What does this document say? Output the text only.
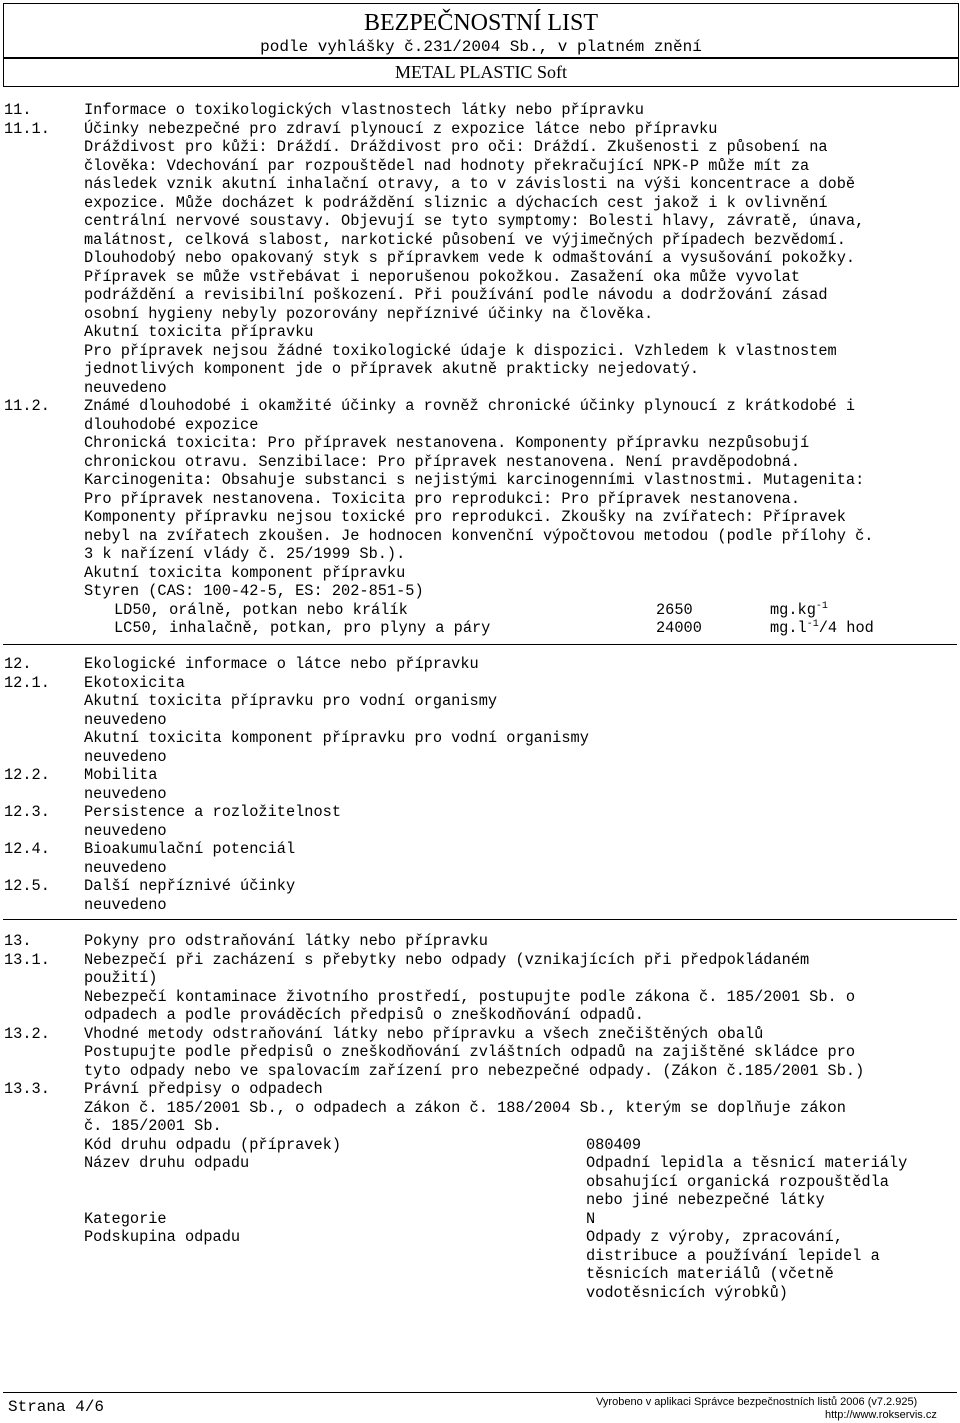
BEZPEČNOSTNÍ LIST
podle vyhlášky č.231/2004 Sb., v platném znění
METAL PLASTIC Soft
11.	Informace o toxikologických vlastnostech látky nebo přípravku
11.1. Účinky nebezpečné pro zdraví plynoucí z expozice látce nebo přípravku
Dráždivost pro kůži: Dráždí. Dráždivost pro oči: Dráždí. Zkušenosti z působení na
člověka: Vdechování par rozpouštědel nad hodnoty překračující NPK-P může mít za
následek vznik akutní inhalační otravy, a to v závislosti na výši koncentrace a době
expozice. Může docházet k podráždění sliznic a dýchacích cest jakož i k ovlivnění
centrální nervové soustavy. Objevují se tyto symptomy: Bolesti hlavy, závratě, únava,
malátnost, celková slabost, narkotické působení ve výjimečných případech bezvědomí.
Dlouhodobý nebo opakovaný styk s přípravkem vede k odmaštování a vysušování pokožky.
Přípravek se může vstřebávat i neporušenou pokožkou. Zasažení oka může vyvolat
podráždění a revisibilní poškození. Při používání podle návodu a dodržování zásad
osobní hygieny nebyly pozorovány nepříznivé účinky na člověka.
Akutní toxicita přípravku
Pro přípravek nejsou žádné toxikologické údaje k dispozici. Vzhledem k vlastnostem
jednotlivých komponent jde o přípravek akutně prakticky nejedovatý.
neuvedeno
11.2. Známé dlouhodobé i okamžité účinky a rovněž chronické účinky plynoucí z krátkodobé i
dlouhodobé expozice
Chronická toxicita: Pro přípravek nestanovena. Komponenty přípravku nezpůsobují
chronickou otravu. Senzibilace: Pro přípravek nestanovena. Není pravděpodobná.
Karcinogenita: Obsahuje substanci s nejistými karcinogenními vlastnostmi. Mutagenita:
Pro přípravek nestanovena. Toxicita pro reprodukci: Pro přípravek nestanovena.
Komponenty přípravku nejsou toxické pro reprodukci. Zkoušky na zvířatech: Přípravek
nebyl na zvířatech zkoušen. Je hodnocen konvenční výpočtovou metodou (podle přílohy č.
3 k nařízení vlády č. 25/1999 Sb.).
Akutní toxicita komponent přípravku
Styren (CAS: 100-42-5, ES: 202-851-5)
LD50, orálně, potkan nebo králík	2650	$mg.kg^{-1}$
LC50, inhalačně, potkan, pro plyny a páry	24000	$mg.l^{-1}/4$ hod
12.	Ekologické informace o látce nebo přípravku
12.1. Ekotoxicita
Akutní toxicita přípravku pro vodní organismy
neuvedeno
Akutní toxicita komponent přípravku pro vodní organismy
neuvedeno
12.2. Mobilita
neuvedeno
12.3. Persistence a rozložitelnost
neuvedeno
12.4. Bioakumulační potenciál
neuvedeno
12.5. Další nepříznivé účinky
neuvedeno
13.	Pokyny pro odstraňování látky nebo přípravku
13.1. Nebezpečí při zacházení s přebytky nebo odpady (vznikajících při předpokládaném
použití)
Nebezpečí kontaminace životního prostředí, postupujte podle zákona č. 185/2001 Sb. o
odpadech a podle prováděcích předpisů o zneškodňování odpadů.
13.2. Vhodné metody odstraňování látky nebo přípravku a všech znečištěných obalů
Postupujte podle předpisů o zneškodňování zvláštních odpadů na zajištěné skládce pro
tyto odpady nebo ve spalovacím zařízení pro nebezpečné odpady. (Zákon č.185/2001 Sb.)
13.3. Právní předpisy o odpadech
Zákon č. 185/2001 Sb., o odpadech a zákon č. 188/2004 Sb., kterým se doplňuje zákon
č. 185/2001 Sb.
Kód druhu odpadu (přípravek)	080409
Název druhu odpadu	Odpadní lepidla a těsnicí materiály
obsahující organická rozpouštědla
nebo jiné nebezpečné látky
Kategorie	N
Podskupina odpadu	Odpady z výroby, zpracování,
distribuce a používání lepidel a
těsnicích materiálů (včetně
vodotěsnicích výrobků)
Strana 4/6	Vyrobeno v aplikaci Správce bezpečnostních listů 2006 (v7.2.925)
http://www.rokservis.cz
